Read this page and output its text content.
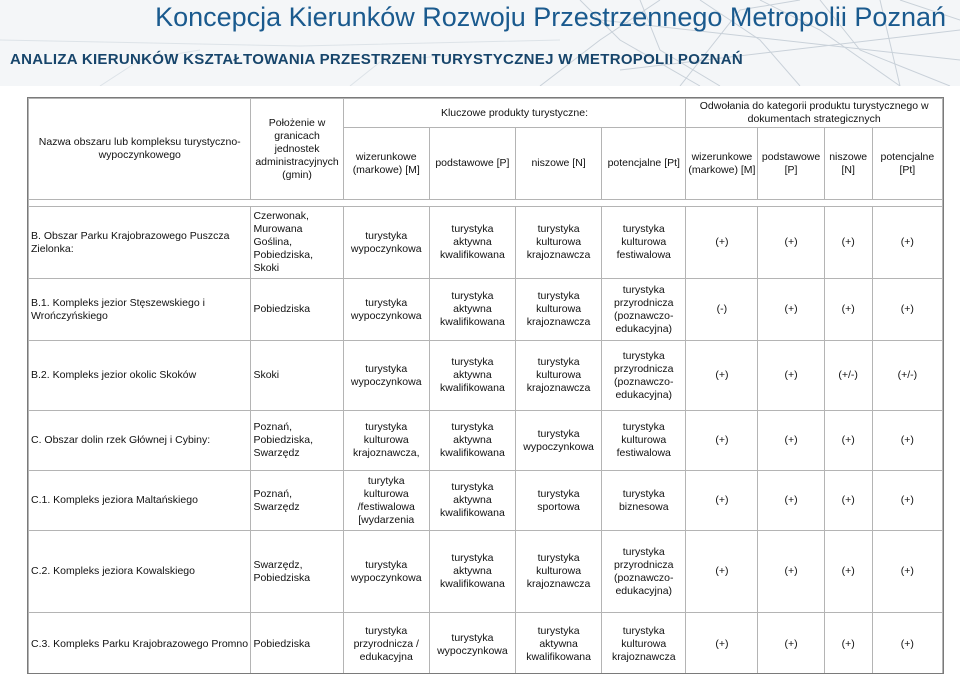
Koncepcja Kierunków Rozwoju Przestrzennego Metropolii Poznań
ANALIZA KIERUNKÓW KSZTAŁTOWANIA PRZESTRZENI TURYSTYCZNEJ W METROPOLII POZNAŃ
Nazwa obszaru lub kompleksu turystyczno-wypoczynkowego	Położenie w granicach jednostek administracyjnych (gmin)	Kluczowe produkty turystyczne:				Odwołania do kategorii produktu turystycznego w dokumentach strategicznych			
		wizerunkowe (markowe) [M]	podstawowe [P]	niszowe [N]	potencjalne [Pt]	wizerunkowe (markowe) [M]	podstawowe [P]	niszowe [N]	potencjalne [Pt]

B. Obszar Parku Krajobrazowego Puszcza Zielonka:	Czerwonak, Murowana Goślina, Pobiedziska, Skoki	turystyka wypoczynkowa	turystyka aktywna kwalifikowana	turystyka kulturowa krajoznawcza	turystyka kulturowa festiwalowa	(+)	(+)	(+)	(+)
B.1. Kompleks jezior Stęszewskiego i Wrończyńskiego	Pobiedziska	turystyka wypoczynkowa	turystyka aktywna kwalifikowana	turystyka kulturowa krajoznawcza	turystyka przyrodnicza (poznawczo-edukacyjna)	(-)	(+)	(+)	(+)
B.2. Kompleks jezior okolic Skoków	Skoki	turystyka wypoczynkowa	turystyka aktywna kwalifikowana	turystyka kulturowa krajoznawcza	turystyka przyrodnicza (poznawczo-edukacyjna)	(+)	(+)	(+/-)	(+/-)
C. Obszar dolin rzek Głównej i Cybiny:	Poznań, Pobiedziska, Swarzędz	turystyka kulturowa krajoznawcza,	turystyka aktywna kwalifikowana	turystyka wypoczynkowa	turystyka kulturowa festiwalowa	(+)	(+)	(+)	(+)
C.1. Kompleks jeziora Maltańskiego	Poznań, Swarzędz	turytyka kulturowa /festiwalowa [wydarzenia	turystyka aktywna kwalifikowana	turystyka sportowa	turystyka biznesowa	(+)	(+)	(+)	(+)
C.2. Kompleks jeziora Kowalskiego	Swarzędz, Pobiedziska	turystyka wypoczynkowa	turystyka aktywna kwalifikowana	turystyka kulturowa krajoznawcza	turystyka przyrodnicza (poznawczo-edukacyjna)	(+)	(+)	(+)	(+)
C.3. Kompleks Parku Krajobrazowego Promno	Pobiedziska	turystyka przyrodnicza / edukacyjna	turystyka wypoczynkowa	turystyka aktywna kwalifikowana	turystyka kulturowa krajoznawcza	(+)	(+)	(+)	(+)
